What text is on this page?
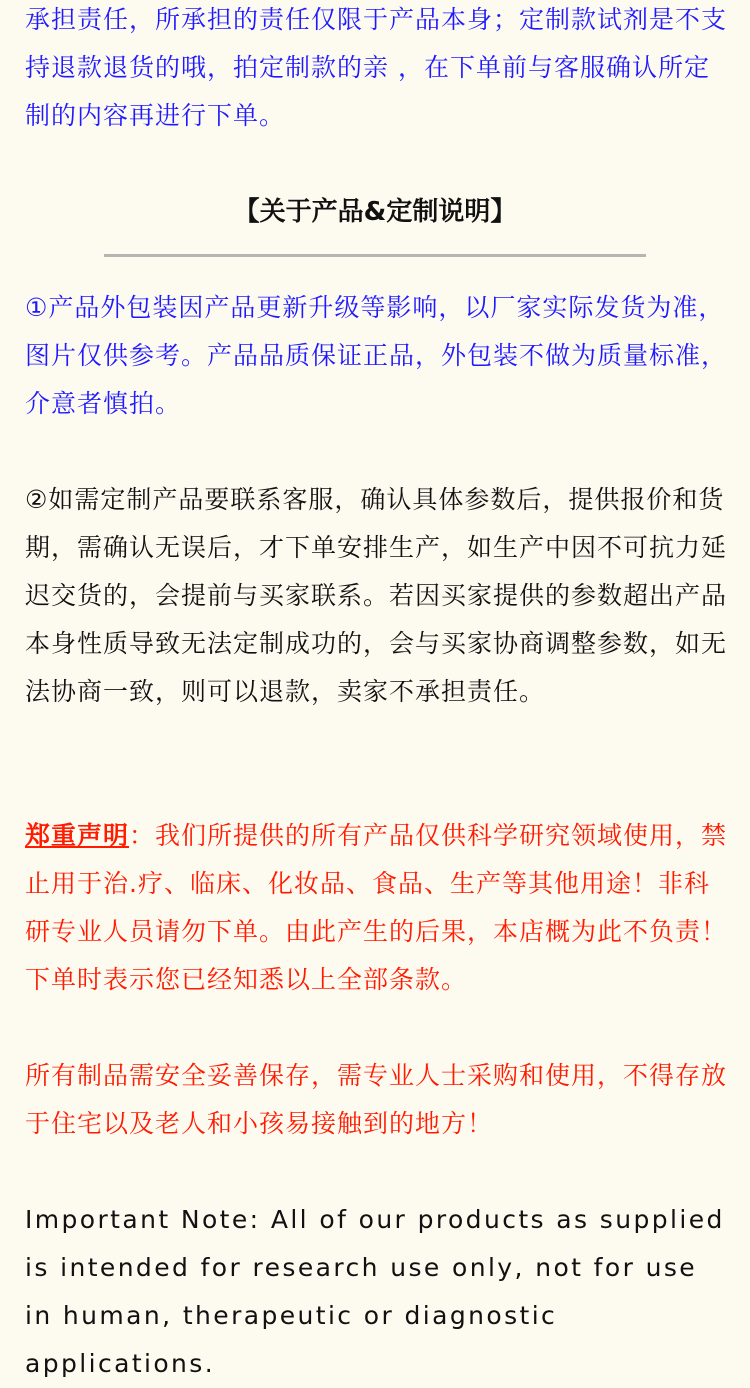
承担责任，所承担的责任仅限于产品本身；定制款试剂是不支持退款退货的哦，拍定制款的亲 ，在下单前与客服确认所定制的内容再进行下单。

【关于产品&定制说明】

①产品外包装因产品更新升级等影响，以厂家实际发货为准，图片仅供参考。产品品质保证正品，外包装不做为质量标准，介意者慎拍。

②如需定制产品要联系客服，确认具体参数后，提供报价和货期，需确认无误后，才下单安排生产，如生产中因不可抗力延迟交货的，会提前与买家联系。若因买家提供的参数超出产品本身性质导致无法定制成功的，会与买家协商调整参数，如无法协商一致，则可以退款，卖家不承担责任。

郑重声明：我们所提供的所有产品仅供科学研究领域使用，禁止用于治.疗、临床、化妆品、食品、生产等其他用途！非科研专业人员请勿下单。由此产生的后果，本店概为此不负责！下单时表示您已经知悉以上全部条款。

所有制品需安全妥善保存，需专业人士采购和使用，不得存放于住宅以及老人和小孩易接触到的地方！

Important Note: All of our products as supplied is intended for research use only, not for use in human, therapeutic or diagnostic applications.
